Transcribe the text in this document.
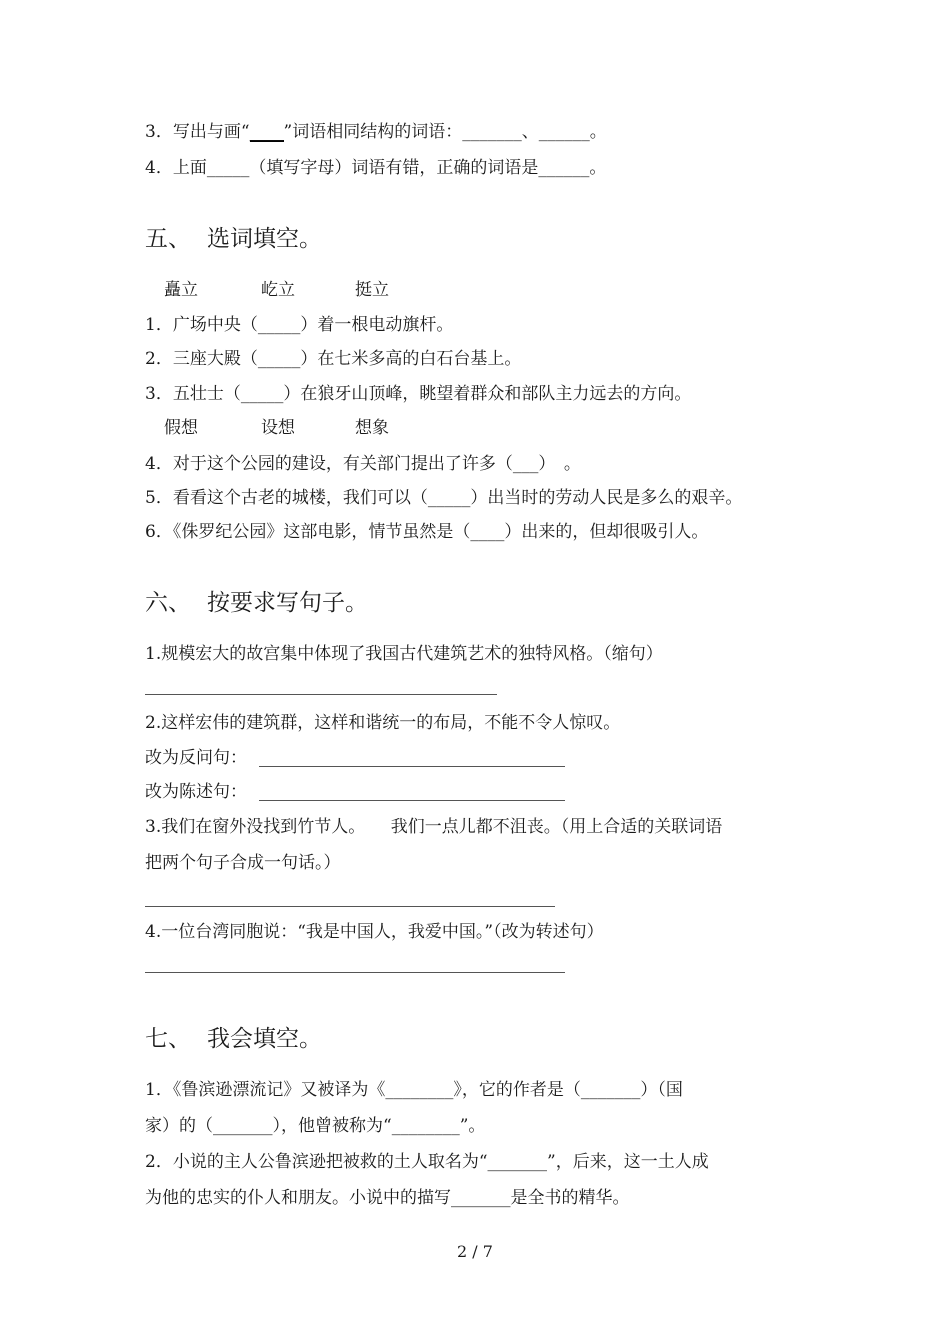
3．写出与画“____”词语相同结构的词语：_______、______。
4．上面_____（填写字母）词语有错，正确的词语是______。
五、 选词填空。
矗立	屹立	挺立
1．广场中央（_____）着一根电动旗杆。
2．三座大殿（_____）在七米多高的白石台基上。
3．五壮士（_____）在狼牙山顶峰，眺望着群众和部队主力远去的方向。
假想	设想	想象
4．对于这个公园的建设，有关部门提出了许多（___）　。
5．看看这个古老的城楼，我们可以（_____）出当时的劳动人民是多么的艰辛。
6．《侏罗纪公园》这部电影，情节虽然是（____）出来的，但却很吸引人。
六、 按要求写句子。
1.规模宏大的故宫集中体现了我国古代建筑艺术的独特风格。（缩句）
2.这样宏伟的建筑群，这样和谐统一的布局，不能不令人惊叹。
改为反问句：
改为陈述句：
3.我们在窗外没找到竹节人。　　我们一点儿都不沮丧。（用上合适的关联词语
把两个句子合成一句话。）
4.一位台湾同胞说：“我是中国人，我爱中国。”（改为转述句）
七、 我会填空。
1．《鲁滨逊漂流记》又被译为《________》，它的作者是（_______）（国
家）的（_______），他曾被称为“________”。
2．小说的主人公鲁滨逊把被救的土人取名为“_______”，后来，这一土人成
为他的忠实的仆人和朋友。小说中的描写_______是全书的精华。
2 / 7
